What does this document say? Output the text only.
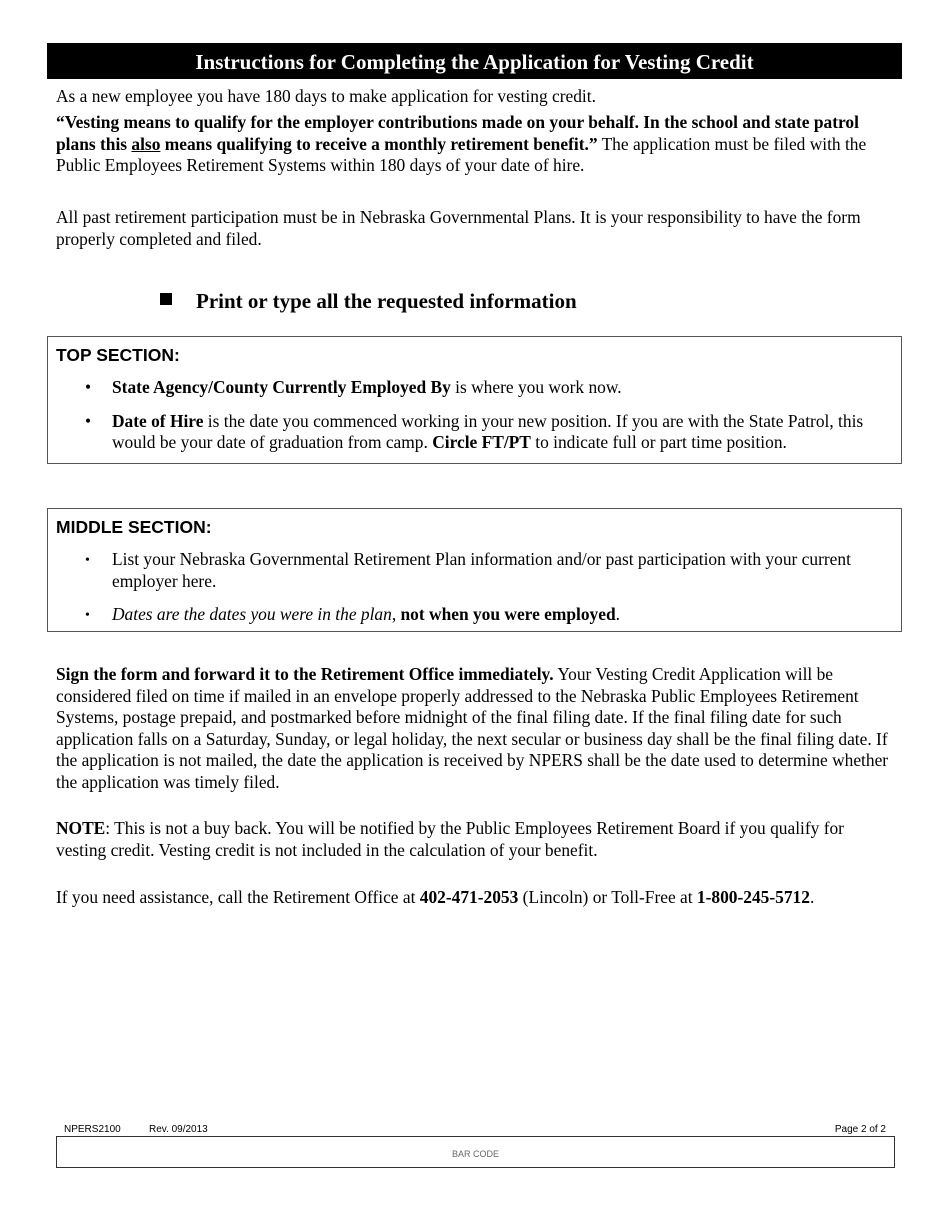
Instructions for Completing the Application for Vesting Credit

As a new employee you have 180 days to make application for vesting credit.

“Vesting means to qualify for the employer contributions made on your behalf. In the school and state patrol plans this also means qualifying to receive a monthly retirement benefit.” The application must be filed with the Public Employees Retirement Systems within 180 days of your date of hire.

All past retirement participation must be in Nebraska Governmental Plans. It is your responsibility to have the form properly completed and filed.

Print or type all the requested information
TOP SECTION:
• State Agency/County Currently Employed By is where you work now.
• Date of Hire is the date you commenced working in your new position. If you are with the State Patrol, this would be your date of graduation from camp. Circle FT/PT to indicate full or part time position.
MIDDLE SECTION:
• List your Nebraska Governmental Retirement Plan information and/or past participation with your current employer here.
• Dates are the dates you were in the plan, not when you were employed.

Sign the form and forward it to the Retirement Office immediately. Your Vesting Credit Application will be considered filed on time if mailed in an envelope properly addressed to the Nebraska Public Employees Retirement Systems, postage prepaid, and postmarked before midnight of the final filing date. If the final filing date for such application falls on a Saturday, Sunday, or legal holiday, the next secular or business day shall be the final filing date. If the application is not mailed, the date the application is received by NPERS shall be the date used to determine whether the application was timely filed.

NOTE: This is not a buy back. You will be notified by the Public Employees Retirement Board if you qualify for vesting credit. Vesting credit is not included in the calculation of your benefit.

If you need assistance, call the Retirement Office at 402-471-2053 (Lincoln) or Toll-Free at 1-800-245-5712.

NPERS2100	Rev. 09/2013	Page 2 of 2
BAR CODE
